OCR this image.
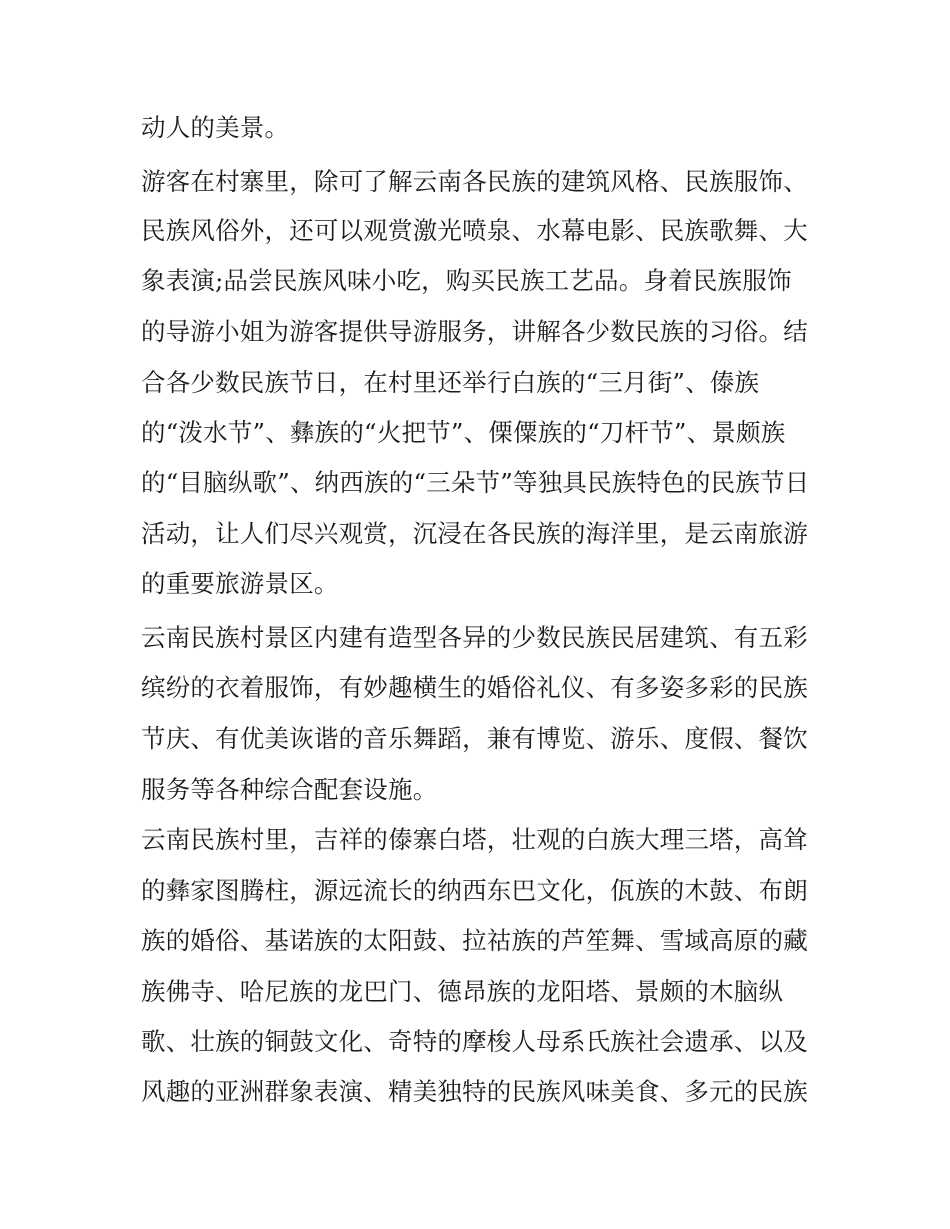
动人的美景。
游客在村寨里，除可了解云南各民族的建筑风格、民族服饰、
民族风俗外，还可以观赏激光喷泉、水幕电影、民族歌舞、大
象表演;品尝民族风味小吃，购买民族工艺品。身着民族服饰
的导游小姐为游客提供导游服务，讲解各少数民族的习俗。结
合各少数民族节日，在村里还举行白族的“三月街”、傣族
的“泼水节”、彝族的“火把节”、傈僳族的“刀杆节”、景颇族
的“目脑纵歌”、纳西族的“三朵节”等独具民族特色的民族节日
活动，让人们尽兴观赏，沉浸在各民族的海洋里，是云南旅游
的重要旅游景区。
云南民族村景区内建有造型各异的少数民族民居建筑、有五彩
缤纷的衣着服饰，有妙趣横生的婚俗礼仪、有多姿多彩的民族
节庆、有优美诙谐的音乐舞蹈，兼有博览、游乐、度假、餐饮
服务等各种综合配套设施。
云南民族村里，吉祥的傣寨白塔，壮观的白族大理三塔，高耸
的彝家图腾柱，源远流长的纳西东巴文化，佤族的木鼓、布朗
族的婚俗、基诺族的太阳鼓、拉祜族的芦笙舞、雪域高原的藏
族佛寺、哈尼族的龙巴门、德昂族的龙阳塔、景颇的木脑纵
歌、壮族的铜鼓文化、奇特的摩梭人母系氏族社会遗承、以及
风趣的亚洲群象表演、精美独特的民族风味美食、多元的民族
